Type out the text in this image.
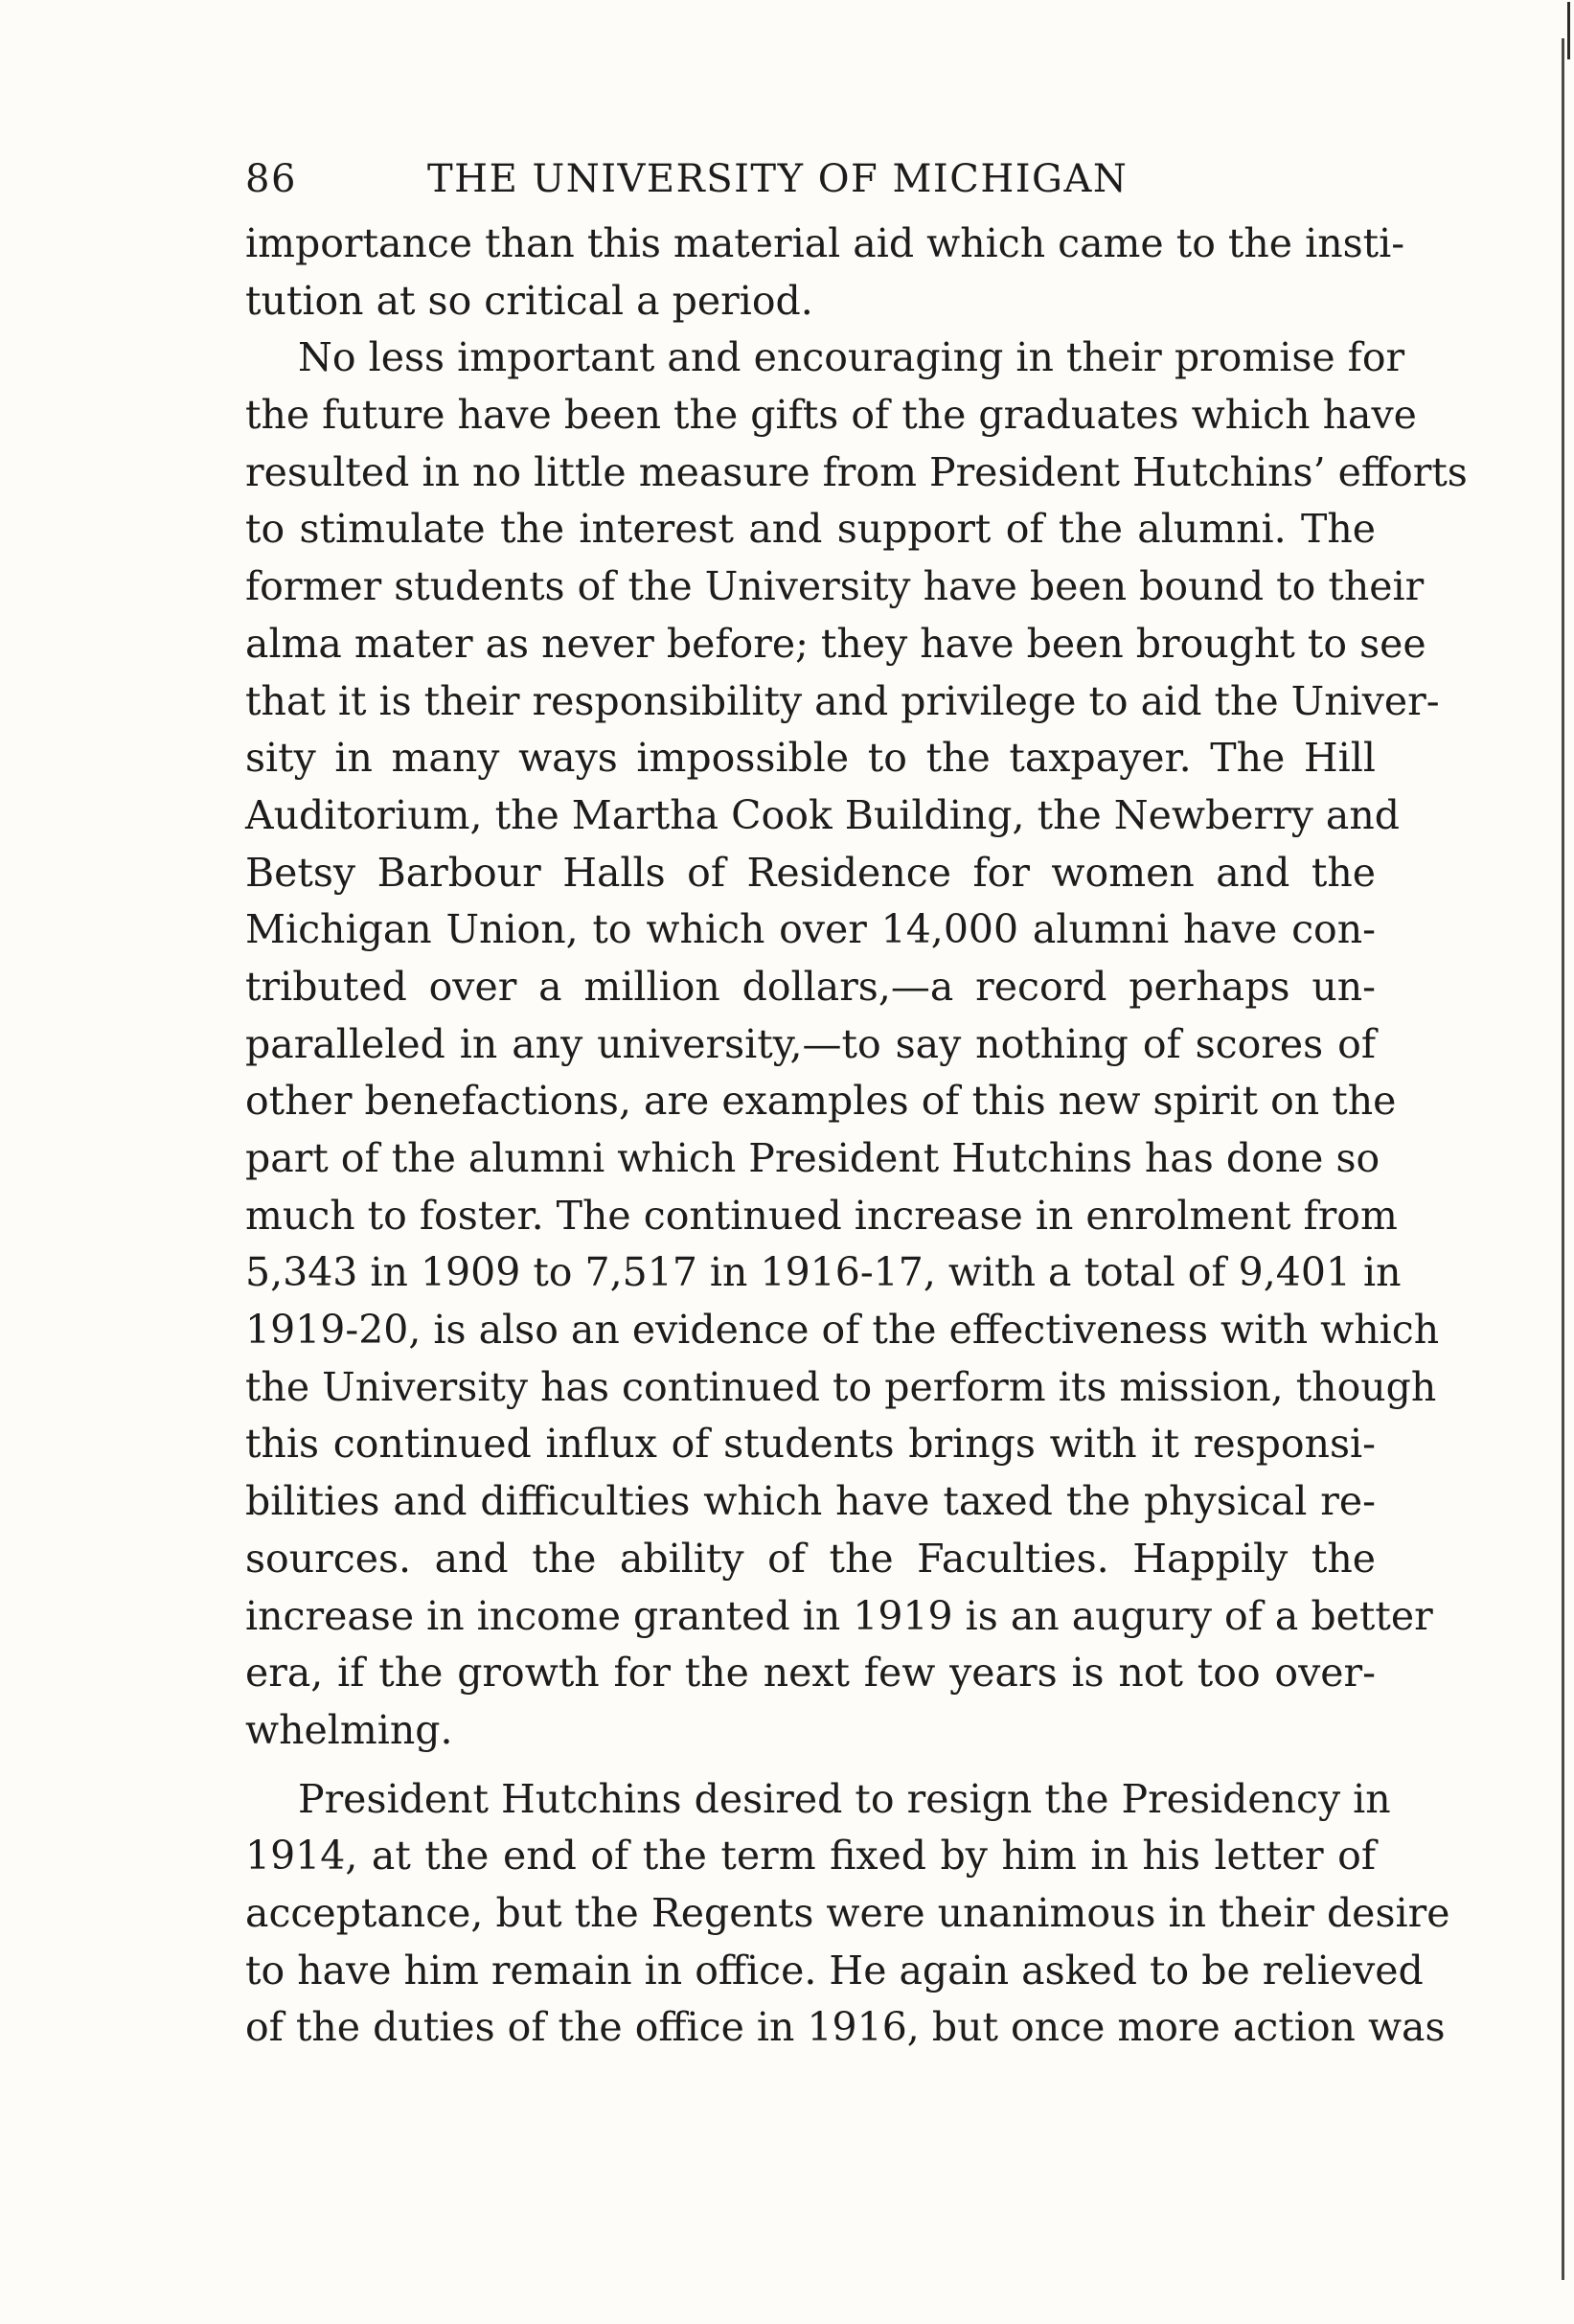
86	THE UNIVERSITY OF MICHIGAN
importance than this material aid which came to the insti-
tution at so critical a period.
No less important and encouraging in their promise for
the future have been the gifts of the graduates which have
resulted in no little measure from President Hutchins’ efforts
to stimulate the interest and support of the alumni. The
former students of the University have been bound to their
alma mater as never before; they have been brought to see
that it is their responsibility and privilege to aid the Univer-
sity in many ways impossible to the taxpayer. The Hill
Auditorium, the Martha Cook Building, the Newberry and
Betsy Barbour Halls of Residence for women and the
Michigan Union, to which over 14,000 alumni have con-
tributed over a million dollars,—a record perhaps un-
paralleled in any university,—to say nothing of scores of
other benefactions, are examples of this new spirit on the
part of the alumni which President Hutchins has done so
much to foster. The continued increase in enrolment from
5,343 in 1909 to 7,517 in 1916-17, with a total of 9,401 in
1919-20, is also an evidence of the effectiveness with which
the University has continued to perform its mission, though
this continued influx of students brings with it responsi-
bilities and difficulties which have taxed the physical re-
sources. and the ability of the Faculties. Happily the
increase in income granted in 1919 is an augury of a better
era, if the growth for the next few years is not too over-
whelming.
President Hutchins desired to resign the Presidency in
1914, at the end of the term fixed by him in his letter of
acceptance, but the Regents were unanimous in their desire
to have him remain in office. He again asked to be relieved
of the duties of the office in 1916, but once more action was
